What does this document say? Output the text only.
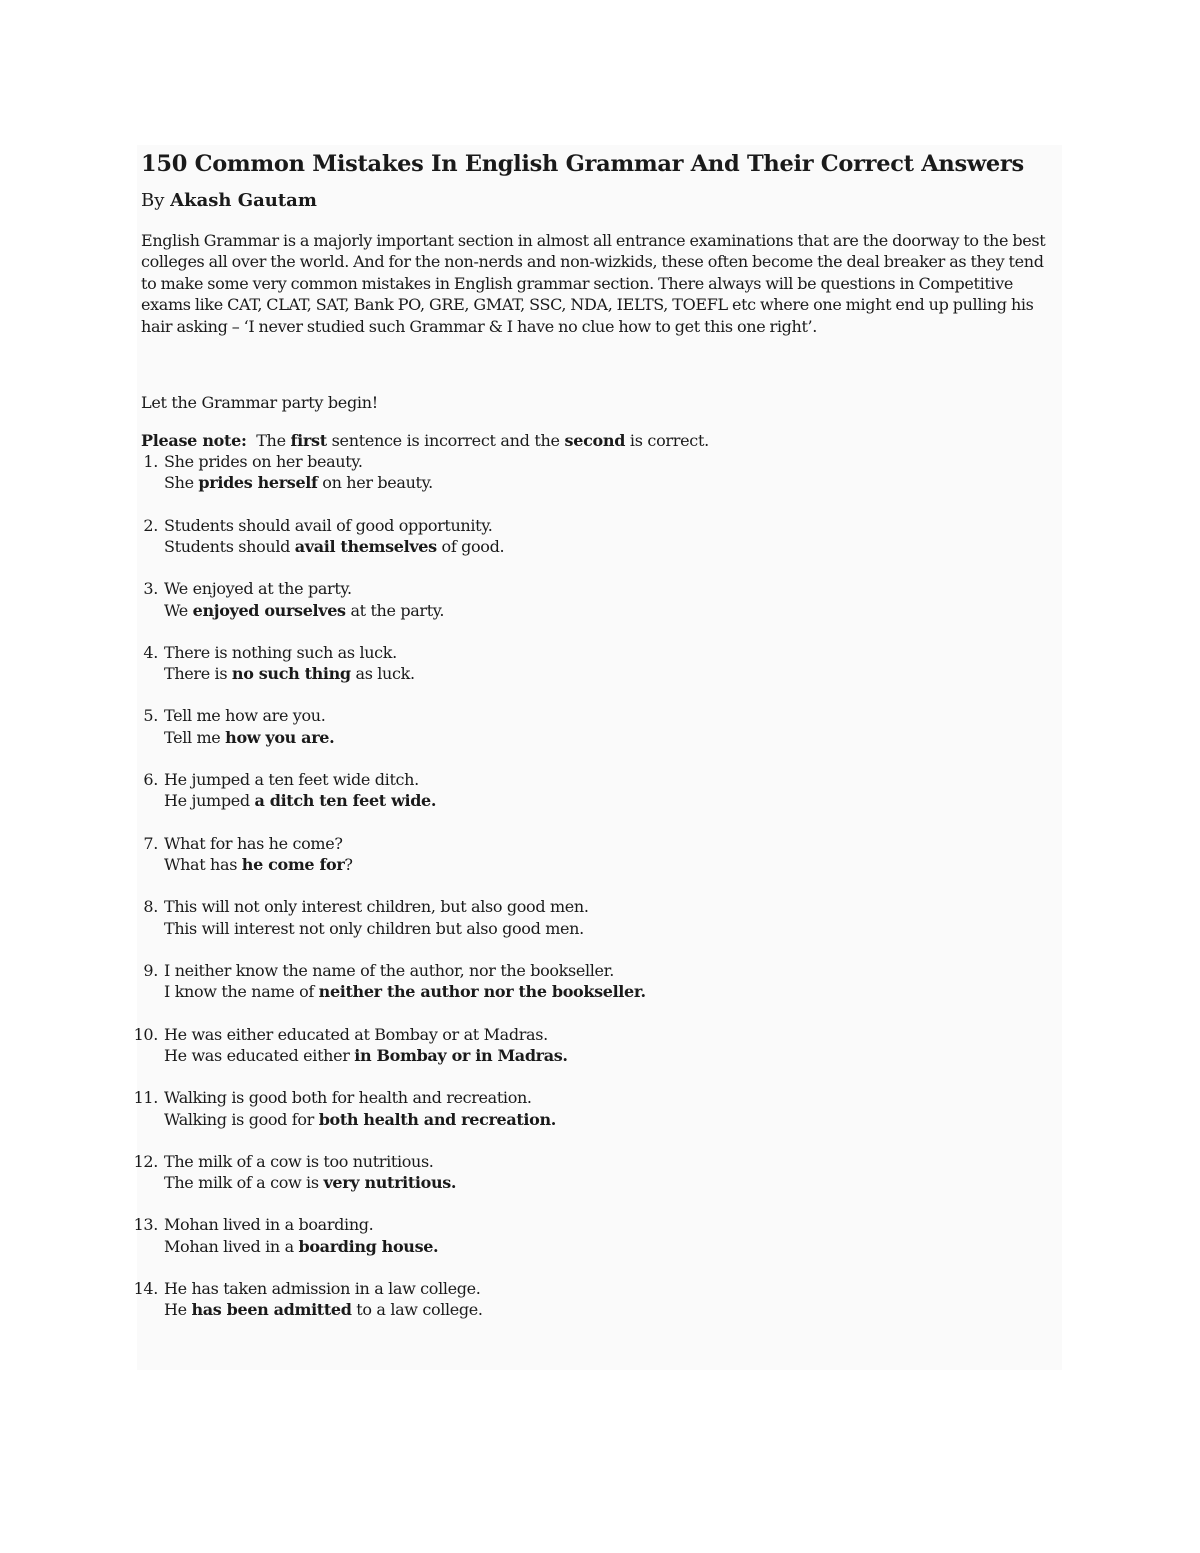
150 Common Mistakes In English Grammar And Their Correct Answers

By Akash Gautam

English Grammar is a majorly important section in almost all entrance examinations that are the doorway to the best colleges all over the world. And for the non-nerds and non-wizkids, these often become the deal breaker as they tend to make some very common mistakes in English grammar section. There always will be questions in Competitive exams like CAT, CLAT, SAT, Bank PO, GRE, GMAT, SSC, NDA, IELTS, TOEFL etc where one might end up pulling his hair asking – ‘I never studied such Grammar & I have no clue how to get this one right’.

Let the Grammar party begin!

Please note: The first sentence is incorrect and the second is correct.

1. She prides on her beauty.
She prides herself on her beauty.
2. Students should avail of good opportunity.
Students should avail themselves of good.
3. We enjoyed at the party.
We enjoyed ourselves at the party.
4. There is nothing such as luck.
There is no such thing as luck.
5. Tell me how are you.
Tell me how you are.
6. He jumped a ten feet wide ditch.
He jumped a ditch ten feet wide.
7. What for has he come?
What has he come for?
8. This will not only interest children, but also good men.
This will interest not only children but also good men.
9. I neither know the name of the author, nor the bookseller.
I know the name of neither the author nor the bookseller.
10. He was either educated at Bombay or at Madras.
He was educated either in Bombay or in Madras.
11. Walking is good both for health and recreation.
Walking is good for both health and recreation.
12. The milk of a cow is too nutritious.
The milk of a cow is very nutritious.
13. Mohan lived in a boarding.
Mohan lived in a boarding house.
14. He has taken admission in a law college.
He has been admitted to a law college.
